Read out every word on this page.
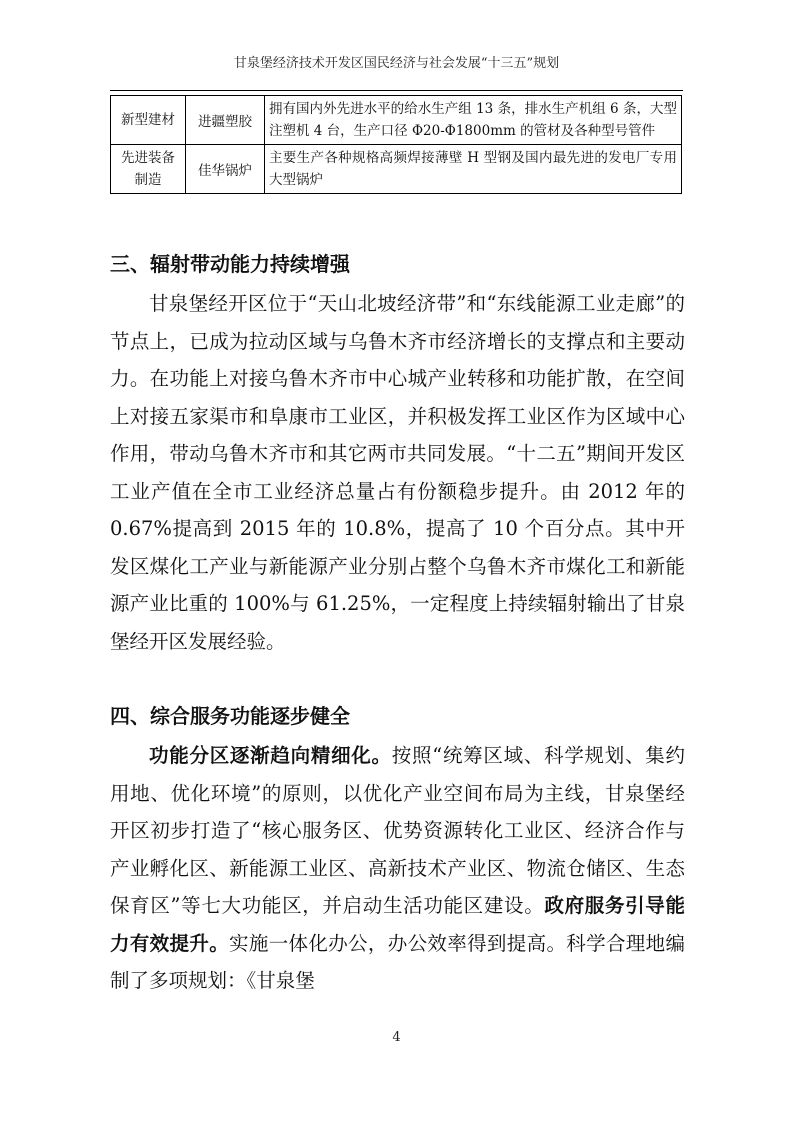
甘泉堡经济技术开发区国民经济与社会发展“十三五”规划
新型建材	进疆塑胶	拥有国内外先进水平的给水生产组 13 条，排水生产机组 6 条，大型注塑机 4 台，生产口径 Φ20-Φ1800mm 的管材及各种型号管件
先进装备制造	佳华锅炉	主要生产各种规格高频焊接薄壁 H 型钢及国内最先进的发电厂专用大型锅炉
三、辐射带动能力持续增强

甘泉堡经开区位于“天山北坡经济带”和“东线能源工业走廊”的节点上，已成为拉动区域与乌鲁木齐市经济增长的支撑点和主要动力。在功能上对接乌鲁木齐市中心城产业转移和功能扩散，在空间上对接五家渠市和阜康市工业区，并积极发挥工业区作为区域中心作用，带动乌鲁木齐市和其它两市共同发展。“十二五”期间开发区工业产值在全市工业经济总量占有份额稳步提升。由 2012 年的 0.67%提高到 2015 年的 10.8%，提高了 10 个百分点。其中开发区煤化工产业与新能源产业分别占整个乌鲁木齐市煤化工和新能源产业比重的 100%与 61.25%，一定程度上持续辐射输出了甘泉堡经开区发展经验。

四、综合服务功能逐步健全

功能分区逐渐趋向精细化。按照“统筹区域、科学规划、集约用地、优化环境”的原则，以优化产业空间布局为主线，甘泉堡经开区初步打造了“核心服务区、优势资源转化工业区、经济合作与产业孵化区、新能源工业区、高新技术产业区、物流仓储区、生态保育区”等七大功能区，并启动生活功能区建设。政府服务引导能力有效提升。实施一体化办公，办公效率得到提高。科学合理地编制了多项规划：《甘泉堡

4
